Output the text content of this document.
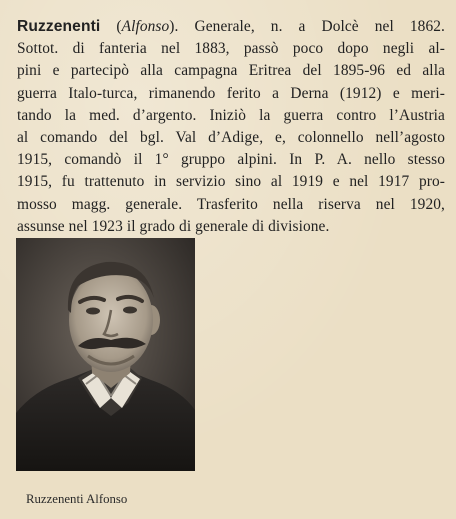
Ruzzenenti (Alfonso). Generale, n. a Dolcè nel 1862.
Sottot. di fanteria nel 1883, passò poco dopo negli al-
pini e partecipò alla campagna Eritrea del 1895-96 ed alla
guerra Italo-turca, rimanendo ferito a Derna (1912) e meri-
tando la med. d’argento. Iniziò la guerra contro l’Austria
al comando del bgl. Val d’Adige, e, colonnello nell’agosto
1915, comandò il 1° gruppo alpini. In P. A. nello stesso
1915, fu trattenuto in servizio sino al 1919 e nel 1917 pro-
mosso magg. generale. Trasferito nella riserva nel 1920,
assunse nel 1923 il grado di generale di divisione.
Ruzzenenti Alfonso
